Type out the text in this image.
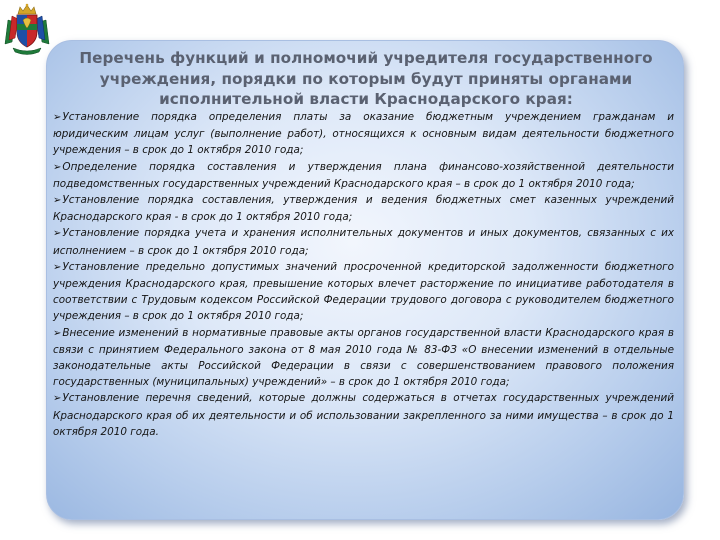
Перечень функций и полномочий учредителя государственного учреждения, порядки по которым будут приняты органами исполнительной власти Краснодарского края:
➢Установление порядка определения платы за оказание бюджетным учреждением гражданам и юридическим лицам услуг (выполнение работ), относящихся к основным видам деятельности бюджетного учреждения – в срок до 1 октября 2010 года;
➢Определение порядка составления и утверждения плана финансово-хозяйственной деятельности подведомственных государственных учреждений Краснодарского края – в срок до 1 октября 2010 года;
➢Установление порядка составления, утверждения и ведения бюджетных смет казенных учреждений Краснодарского края - в срок до 1 октября 2010 года;
➢Установление порядка учета и хранения исполнительных документов и иных документов, связанных с их исполнением – в срок до 1 октября 2010 года;
➢Установление предельно допустимых значений просроченной кредиторской задолженности бюджетного учреждения Краснодарского края, превышение которых влечет расторжение по инициативе работодателя в соответствии с Трудовым кодексом Российской Федерации трудового договора с руководителем бюджетного учреждения – в срок до 1 октября 2010 года;
➢Внесение изменений в нормативные правовые акты органов государственной власти Краснодарского края в связи с принятием Федерального закона от 8 мая 2010 года № 83-ФЗ «О внесении изменений в отдельные законодательные акты Российской Федерации в связи с совершенствованием правового положения государственных (муниципальных) учреждений» – в срок до 1 октября 2010 года;
➢Установление перечня сведений, которые должны содержаться в отчетах государственных учреждений Краснодарского края об их деятельности и об использовании закрепленного за ними имущества – в срок до 1 октября 2010 года.
